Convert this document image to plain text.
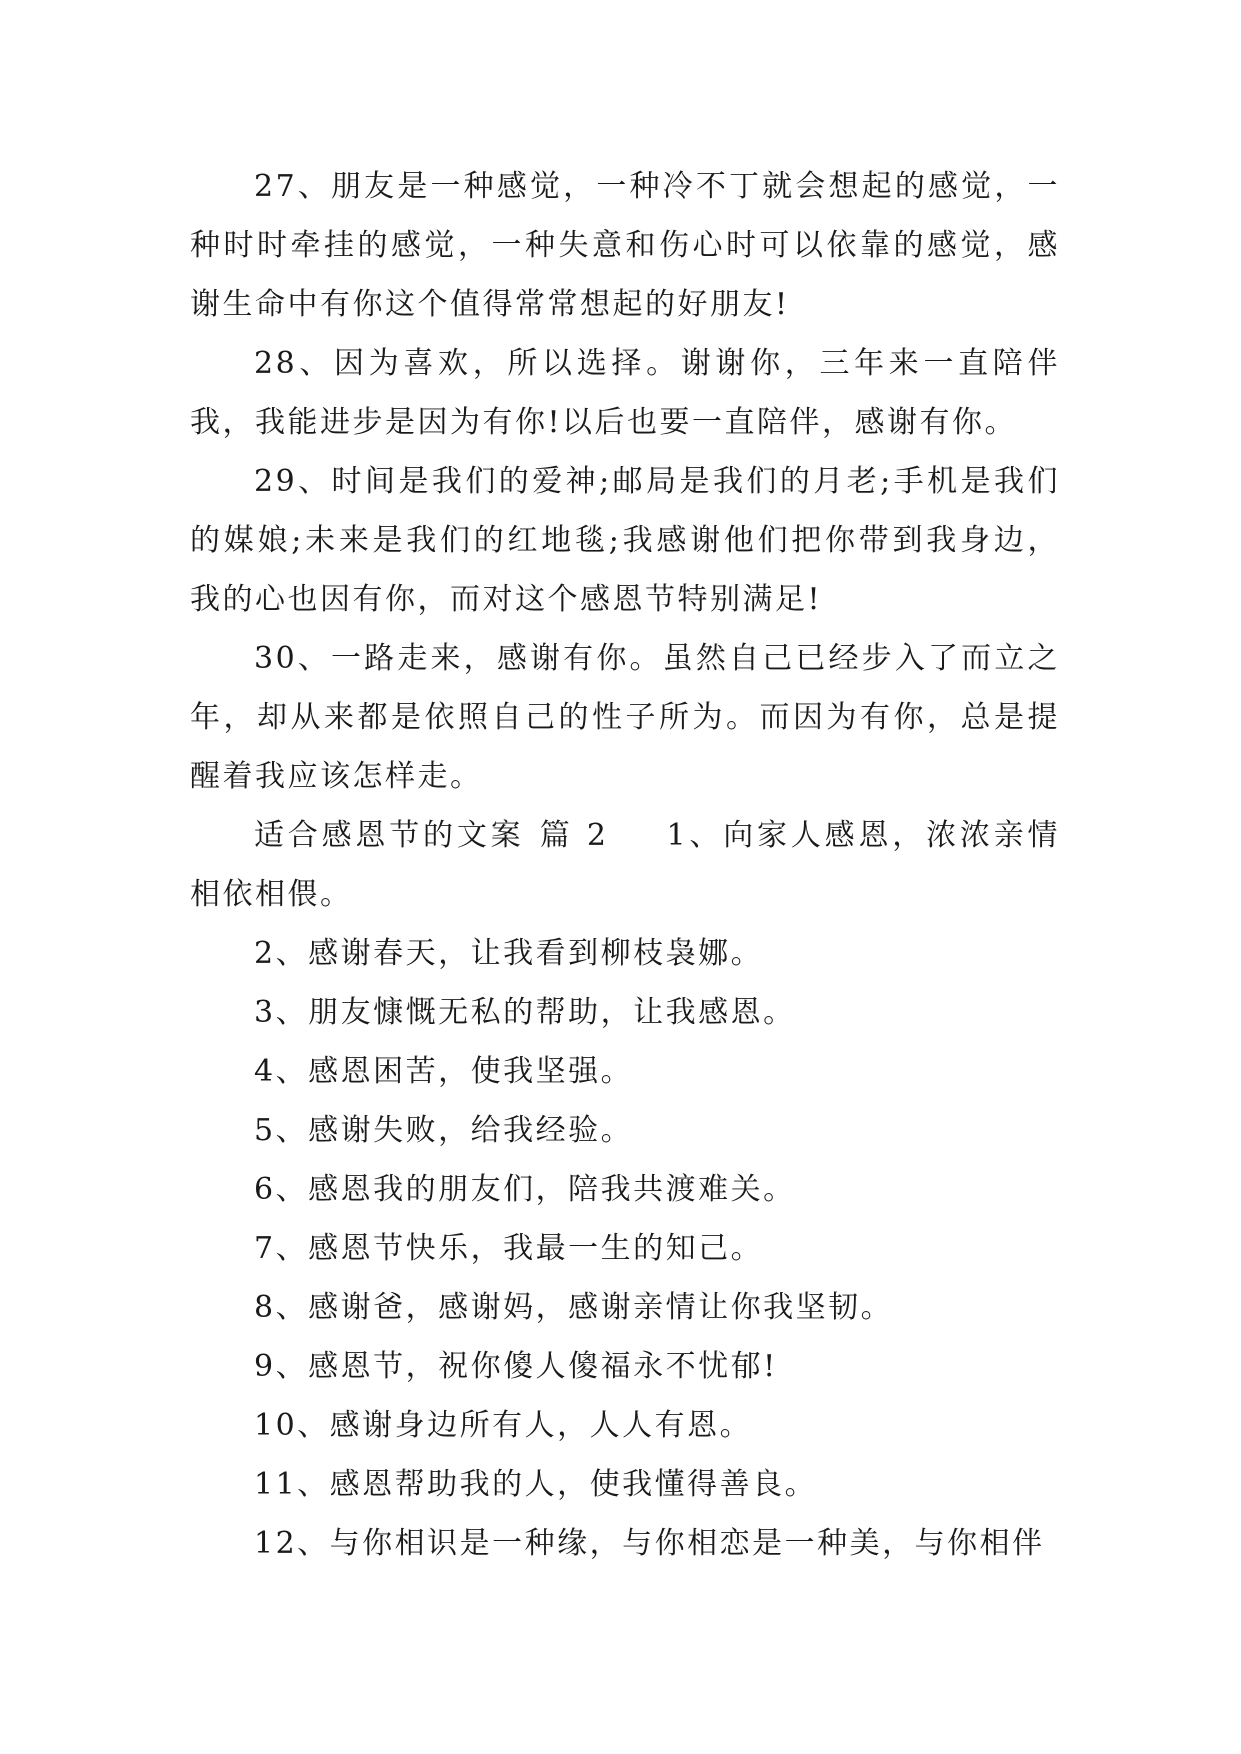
27、朋友是一种感觉，一种冷不丁就会想起的感觉，一种时时牵挂的感觉，一种失意和伤心时可以依靠的感觉，感谢生命中有你这个值得常常想起的好朋友!

28、因为喜欢，所以选择。谢谢你，三年来一直陪伴我，我能进步是因为有你!以后也要一直陪伴，感谢有你。

29、时间是我们的爱神;邮局是我们的月老;手机是我们的媒娘;未来是我们的红地毯;我感谢他们把你带到我身边，我的心也因有你，而对这个感恩节特别满足!

30、一路走来，感谢有你。虽然自己已经步入了而立之年，却从来都是依照自己的性子所为。而因为有你，总是提醒着我应该怎样走。

适合感恩节的文案 篇 2 1、向家人感恩，浓浓亲情相依相偎。

2、感谢春天，让我看到柳枝袅娜。

3、朋友慷慨无私的帮助，让我感恩。

4、感恩困苦，使我坚强。

5、感谢失败，给我经验。

6、感恩我的朋友们，陪我共渡难关。

7、感恩节快乐，我最一生的知己。

8、感谢爸，感谢妈，感谢亲情让你我坚韧。

9、感恩节，祝你傻人傻福永不忧郁!

10、感谢身边所有人，人人有恩。

11、感恩帮助我的人，使我懂得善良。

12、与你相识是一种缘，与你相恋是一种美，与你相伴
